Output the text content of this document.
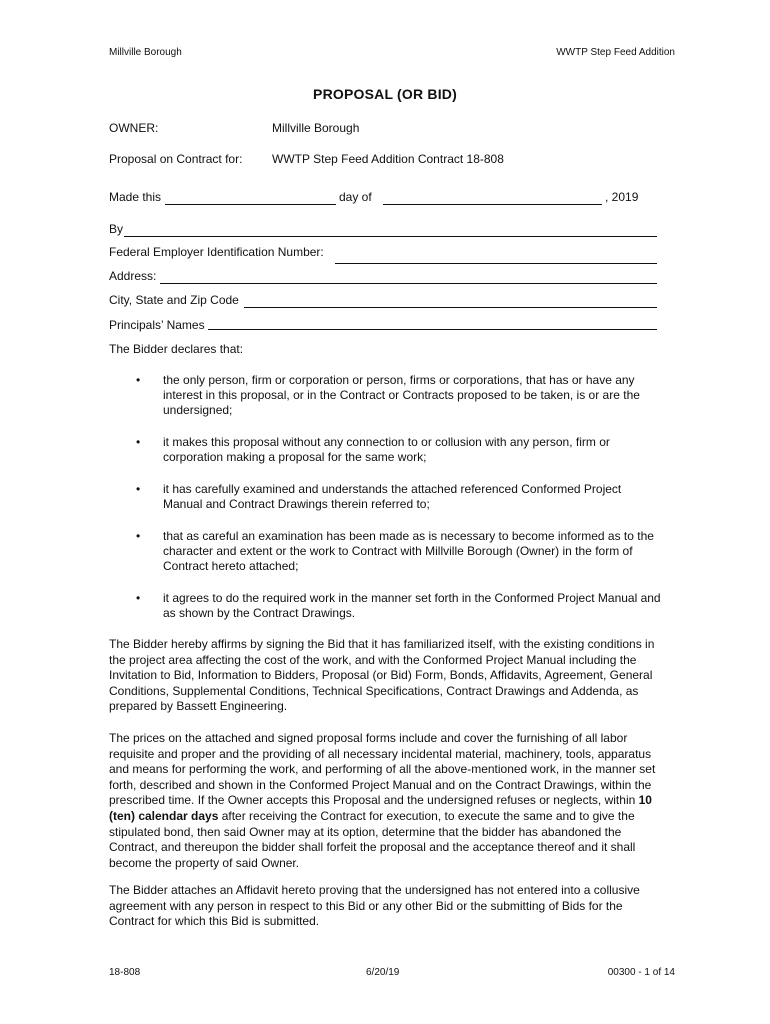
Millville Borough	WWTP Step Feed Addition
PROPOSAL (OR BID)
OWNER:	Millville Borough
Proposal on Contract for: WWTP Step Feed Addition Contract 18-808
Made this	day of	, 2019
By
Federal Employer Identification Number:
Address:
City, State and Zip Code
Principals’ Names
The Bidder declares that:
• the only person, firm or corporation or person, firms or corporations, that has or have any interest in this proposal, or in the Contract or Contracts proposed to be taken, is or are the undersigned;
• it makes this proposal without any connection to or collusion with any person, firm or corporation making a proposal for the same work;
• it has carefully examined and understands the attached referenced Conformed Project Manual and Contract Drawings therein referred to;
• that as careful an examination has been made as is necessary to become informed as to the character and extent or the work to Contract with Millville Borough (Owner) in the form of Contract hereto attached;
• it agrees to do the required work in the manner set forth in the Conformed Project Manual and as shown by the Contract Drawings.
The Bidder hereby affirms by signing the Bid that it has familiarized itself, with the existing conditions in the project area affecting the cost of the work, and with the Conformed Project Manual including the Invitation to Bid, Information to Bidders, Proposal (or Bid) Form, Bonds, Affidavits, Agreement, General Conditions, Supplemental Conditions, Technical Specifications, Contract Drawings and Addenda, as prepared by Bassett Engineering.
The prices on the attached and signed proposal forms include and cover the furnishing of all labor requisite and proper and the providing of all necessary incidental material, machinery, tools, apparatus and means for performing the work, and performing of all the above-mentioned work, in the manner set forth, described and shown in the Conformed Project Manual and on the Contract Drawings, within the prescribed time. If the Owner accepts this Proposal and the undersigned refuses or neglects, within 10 (ten) calendar days after receiving the Contract for execution, to execute the same and to give the stipulated bond, then said Owner may at its option, determine that the bidder has abandoned the Contract, and thereupon the bidder shall forfeit the proposal and the acceptance thereof and it shall become the property of said Owner.
The Bidder attaches an Affidavit hereto proving that the undersigned has not entered into a collusive agreement with any person in respect to this Bid or any other Bid or the submitting of Bids for the Contract for which this Bid is submitted.
18-808	6/20/19	00300 - 1 of 14
